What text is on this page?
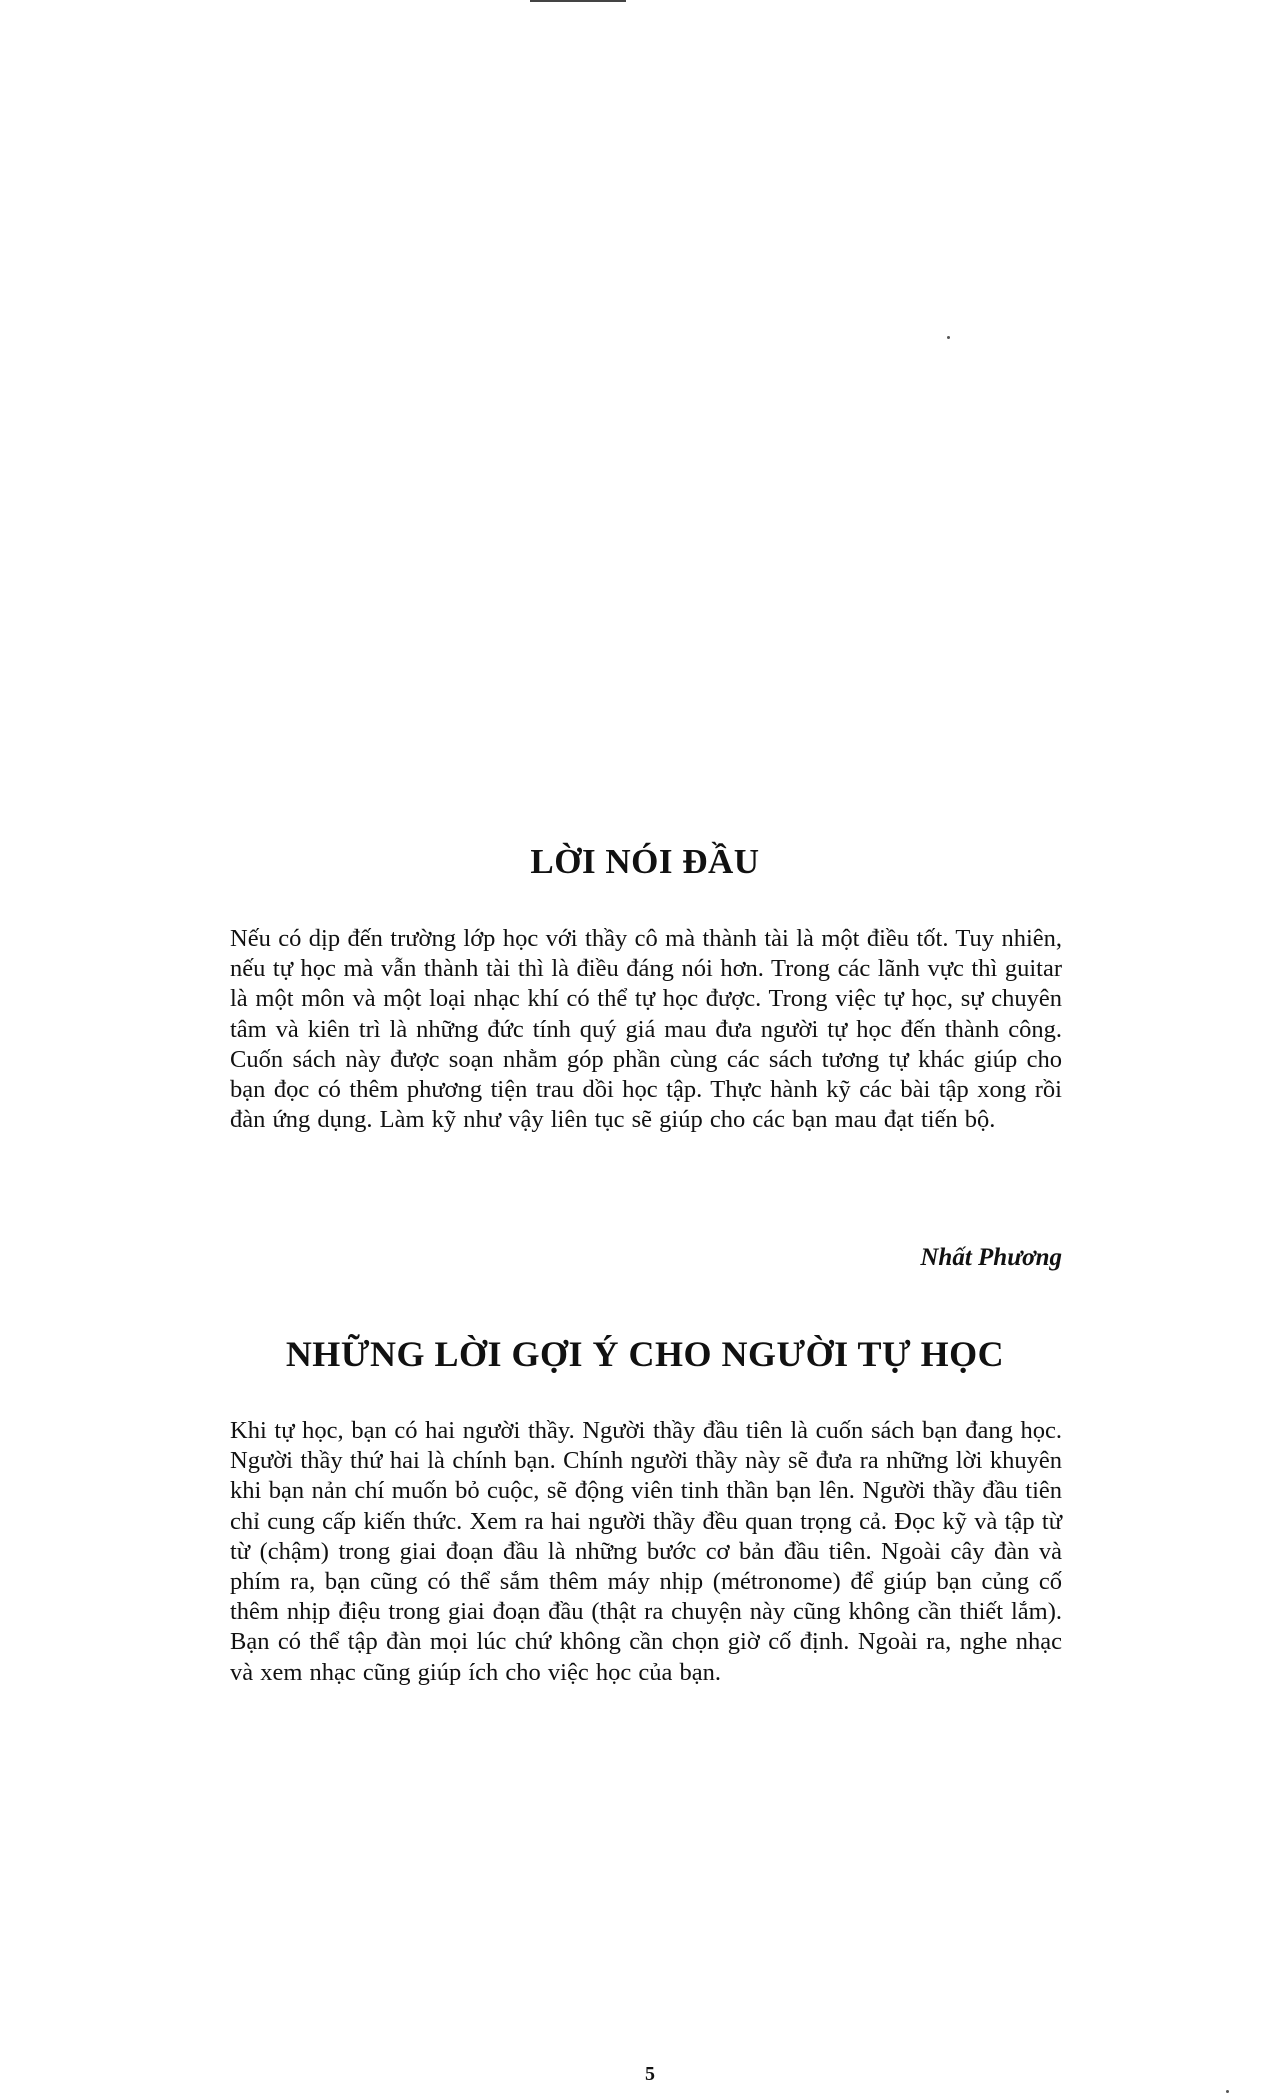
LỜI NÓI ĐẦU

Nếu có dịp đến trường lớp học với thầy cô mà thành tài là một điều tốt. Tuy nhiên, nếu tự học mà vẫn thành tài thì là điều đáng nói hơn. Trong các lãnh vực thì guitar là một môn và một loại nhạc khí có thể tự học được. Trong việc tự học, sự chuyên tâm và kiên trì là những đức tính quý giá mau đưa người tự học đến thành công. Cuốn sách này được soạn nhằm góp phần cùng các sách tương tự khác giúp cho bạn đọc có thêm phương tiện trau dồi học tập. Thực hành kỹ các bài tập xong rồi đàn ứng dụng. Làm kỹ như vậy liên tục sẽ giúp cho các bạn mau đạt tiến bộ.

Nhất Phương

NHỮNG LỜI GỢI Ý CHO NGƯỜI TỰ HỌC

Khi tự học, bạn có hai người thầy. Người thầy đầu tiên là cuốn sách bạn đang học. Người thầy thứ hai là chính bạn. Chính người thầy này sẽ đưa ra những lời khuyên khi bạn nản chí muốn bỏ cuộc, sẽ động viên tinh thần bạn lên. Người thầy đầu tiên chỉ cung cấp kiến thức. Xem ra hai người thầy đều quan trọng cả. Đọc kỹ và tập từ từ (chậm) trong giai đoạn đầu là những bước cơ bản đầu tiên. Ngoài cây đàn và phím ra, bạn cũng có thể sắm thêm máy nhịp (métronome) để giúp bạn củng cố thêm nhịp điệu trong giai đoạn đầu (thật ra chuyện này cũng không cần thiết lắm). Bạn có thể tập đàn mọi lúc chứ không cần chọn giờ cố định. Ngoài ra, nghe nhạc và xem nhạc cũng giúp ích cho việc học của bạn.

5
